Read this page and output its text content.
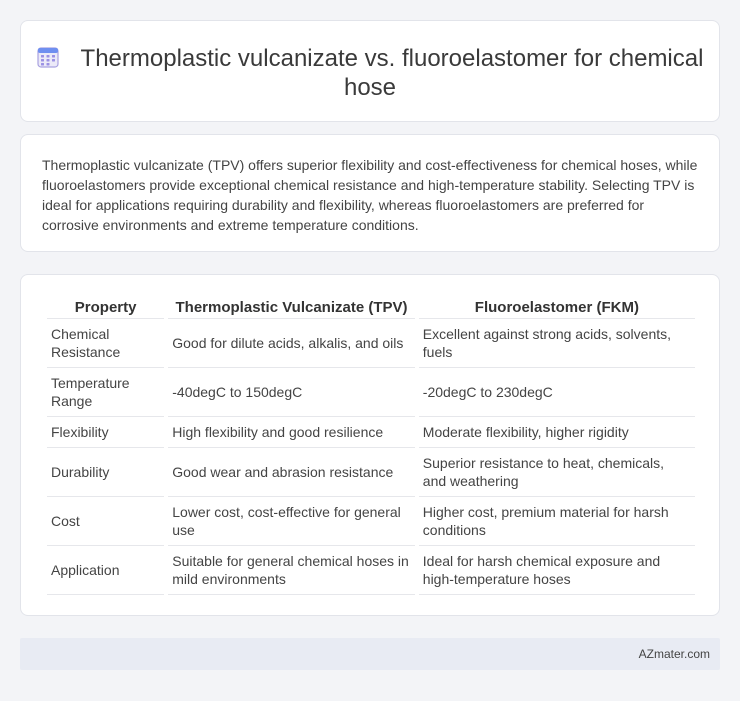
Thermoplastic vulcanizate vs. fluoroelastomer for chemical hose

Thermoplastic vulcanizate (TPV) offers superior flexibility and cost-effectiveness for chemical hoses, while fluoroelastomers provide exceptional chemical resistance and high-temperature stability. Selecting TPV is ideal for applications requiring durability and flexibility, whereas fluoroelastomers are preferred for corrosive environments and extreme temperature conditions.

Property	Thermoplastic Vulcanizate (TPV)	Fluoroelastomer (FKM)
Chemical Resistance	Good for dilute acids, alkalis, and oils	Excellent against strong acids, solvents, fuels
Temperature Range	-40degC to 150degC	-20degC to 230degC
Flexibility	High flexibility and good resilience	Moderate flexibility, higher rigidity
Durability	Good wear and abrasion resistance	Superior resistance to heat, chemicals, and weathering
Cost	Lower cost, cost-effective for general use	Higher cost, premium material for harsh conditions
Application	Suitable for general chemical hoses in mild environments	Ideal for harsh chemical exposure and high-temperature hoses
AZmater.com
